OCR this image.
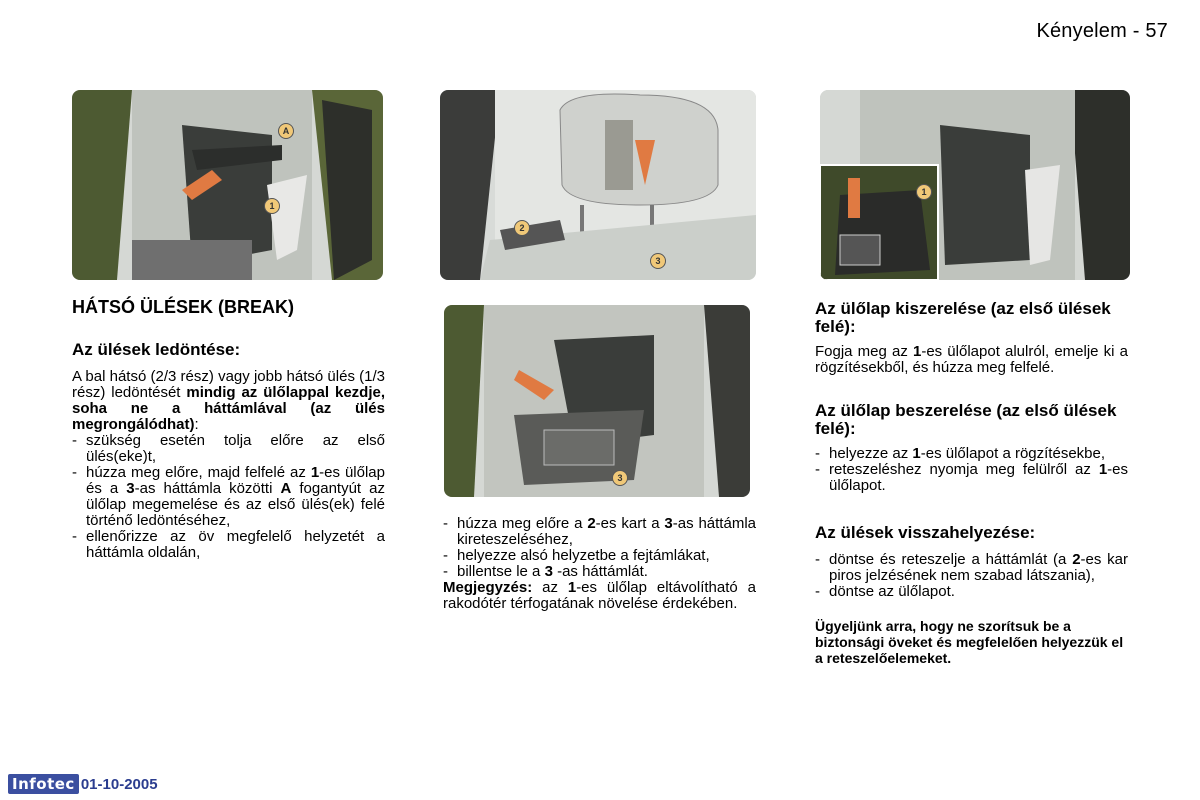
Kényelem - 57
A
1
2
3
3
1
HÁTSÓ ÜLÉSEK (BREAK)
Az ülések ledöntése:

A bal hátsó (2/3 rész) vagy jobb hátsó ülés (1/3 rész) ledöntését mindig az ülőlappal kezdje, soha ne a háttámlával (az ülés megrongálódhat):

- szükség esetén tolja előre az első ülés(eke)t,
- húzza meg előre, majd felfelé az 1-es ülőlap és a 3-as háttámla közötti A fogantyút az ülőlap megemelése és az első ülés(ek) felé történő ledöntéséhez,
- ellenőrizze az öv megfelelő helyzetét a háttámla oldalán,
- húzza meg előre a 2-es kart a 3-as háttámla kireteszeléséhez,
- helyezze alsó helyzetbe a fejtámlákat,
- billentse le a 3 -as háttámlát.

Megjegyzés: az 1-es ülőlap eltávolítható a rakodótér térfogatának növelése érdekében.

Az ülőlap kiszerelése (az első ülések felé):

Fogja meg az 1-es ülőlapot alulról, emelje ki a rögzítésekből, és húzza meg felfelé.

Az ülőlap beszerelése (az első ülések felé):
- helyezze az 1-es ülőlapot a rögzítésekbe,
- reteszeléshez nyomja meg felülről az 1-es ülőlapot.
Az ülések visszahelyezése:
- döntse és reteszelje a háttámlát (a 2-es kar piros jelzésének nem szabad látszania),
- döntse az ülőlapot.

Ügyeljünk arra, hogy ne szorítsuk be a biztonsági öveket és megfelelően helyezzük el a reteszelőelemeket.

Infotec 01-10-2005
